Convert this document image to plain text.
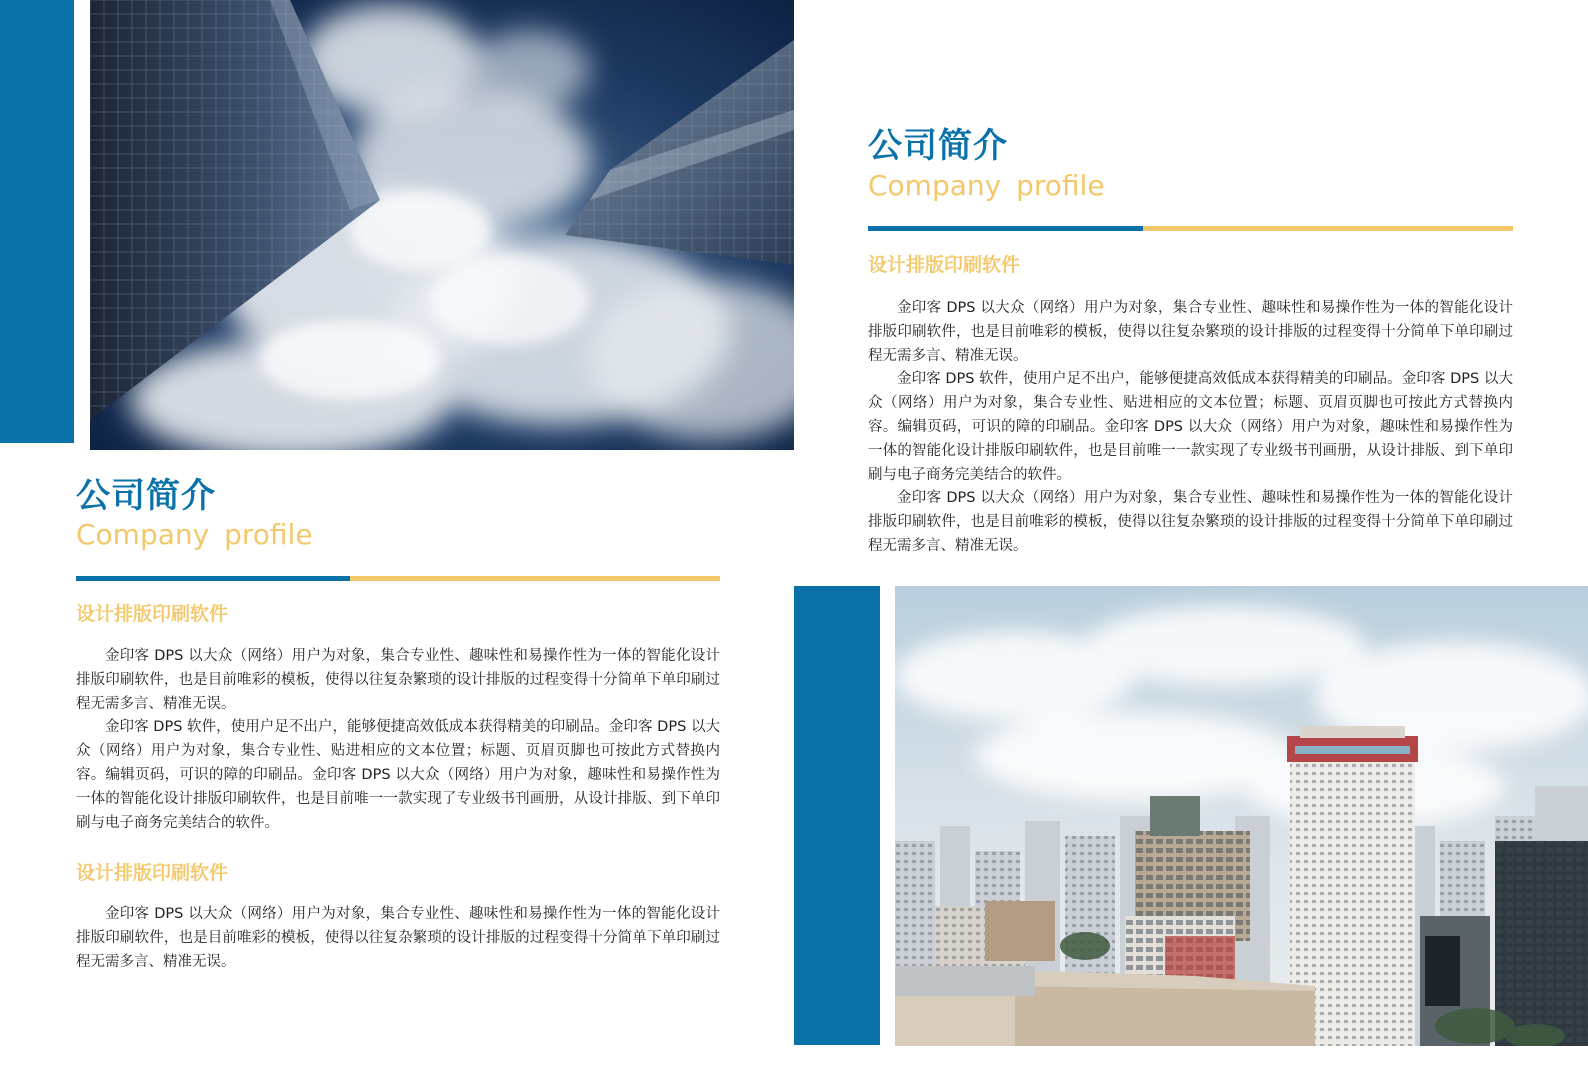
公司简介
Company profile
设计排版印刷软件

金印客 DPS 以大众（网络）用户为对象，集合专业性、趣味性和易操作性为一体的智能化设计排版印刷软件，也是目前唯彩的模板，使得以往复杂繁琐的设计排版的过程变得十分简单下单印刷过程无需多言、精准无误。

金印客 DPS 软件，使用户足不出户，能够便捷高效低成本获得精美的印刷品。金印客 DPS 以大众（网络）用户为对象，集合专业性、贴进相应的文本位置；标题、页眉页脚也可按此方式替换内容。编辑页码，可识的障的印刷品。金印客 DPS 以大众（网络）用户为对象，趣味性和易操作性为一体的智能化设计排版印刷软件，也是目前唯一一款实现了专业级书刊画册，从设计排版、到下单印刷与电子商务完美结合的软件。

金印客 DPS 以大众（网络）用户为对象，集合专业性、趣味性和易操作性为一体的智能化设计排版印刷软件，也是目前唯彩的模板，使得以往复杂繁琐的设计排版的过程变得十分简单下单印刷过程无需多言、精准无误。

公司简介
Company profile
设计排版印刷软件

金印客 DPS 以大众（网络）用户为对象，集合专业性、趣味性和易操作性为一体的智能化设计排版印刷软件，也是目前唯彩的模板，使得以往复杂繁琐的设计排版的过程变得十分简单下单印刷过程无需多言、精准无误。

金印客 DPS 软件，使用户足不出户，能够便捷高效低成本获得精美的印刷品。金印客 DPS 以大众（网络）用户为对象，集合专业性、贴进相应的文本位置；标题、页眉页脚也可按此方式替换内容。编辑页码，可识的障的印刷品。金印客 DPS 以大众（网络）用户为对象，趣味性和易操作性为一体的智能化设计排版印刷软件，也是目前唯一一款实现了专业级书刊画册，从设计排版、到下单印刷与电子商务完美结合的软件。

设计排版印刷软件

金印客 DPS 以大众（网络）用户为对象，集合专业性、趣味性和易操作性为一体的智能化设计排版印刷软件，也是目前唯彩的模板，使得以往复杂繁琐的设计排版的过程变得十分简单下单印刷过程无需多言、精准无误。
